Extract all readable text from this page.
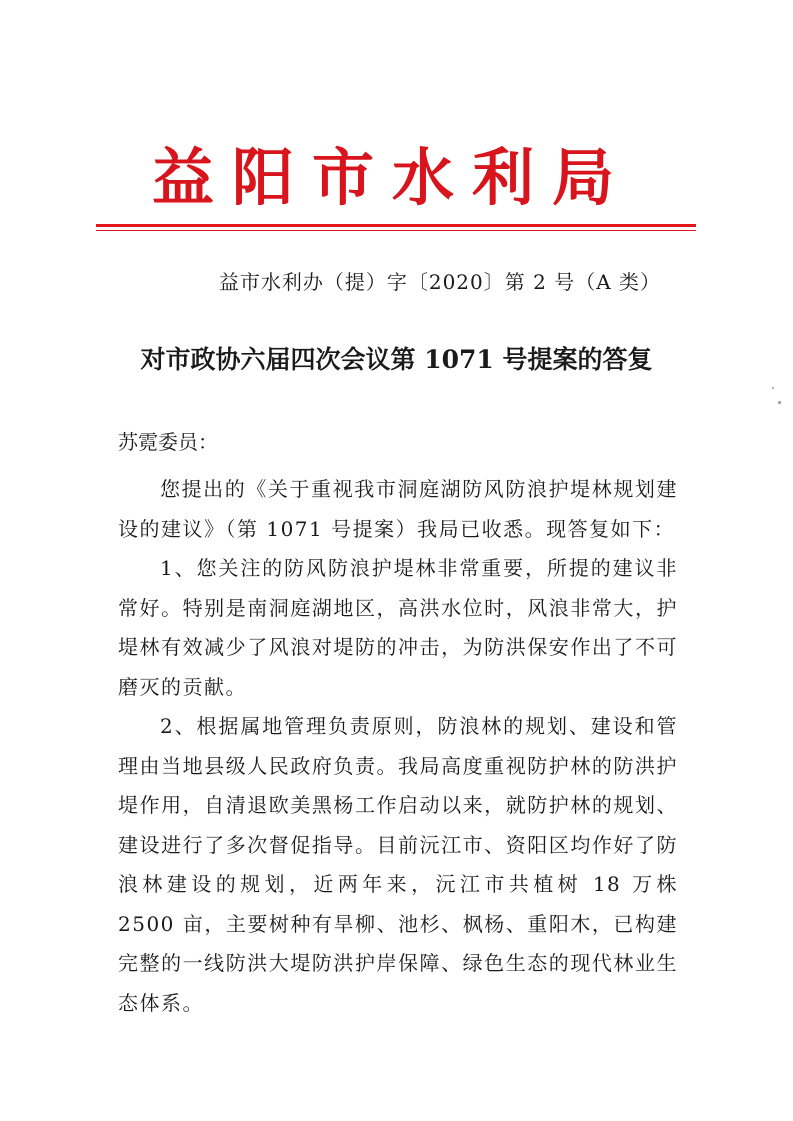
益阳市水利局
益市水利办（提）字〔2020〕第 2 号（A 类）
对市政协六届四次会议第 1071 号提案的答复
苏霓委员：

您提出的《关于重视我市洞庭湖防风防浪护堤林规划建设的建议》（第 1071 号提案）我局已收悉。现答复如下：

1、您关注的防风防浪护堤林非常重要，所提的建议非常好。特别是南洞庭湖地区，高洪水位时，风浪非常大，护堤林有效减少了风浪对堤防的冲击，为防洪保安作出了不可磨灭的贡献。

2、根据属地管理负责原则，防浪林的规划、建设和管理由当地县级人民政府负责。我局高度重视防护林的防洪护堤作用，自清退欧美黑杨工作启动以来，就防护林的规划、建设进行了多次督促指导。目前沅江市、资阳区均作好了防浪林建设的规划，近两年来，沅江市共植树 18 万株 2500 亩，主要树种有旱柳、池杉、枫杨、重阳木，已构建完整的一线防洪大堤防洪护岸保障、绿色生态的现代林业生态体系。
